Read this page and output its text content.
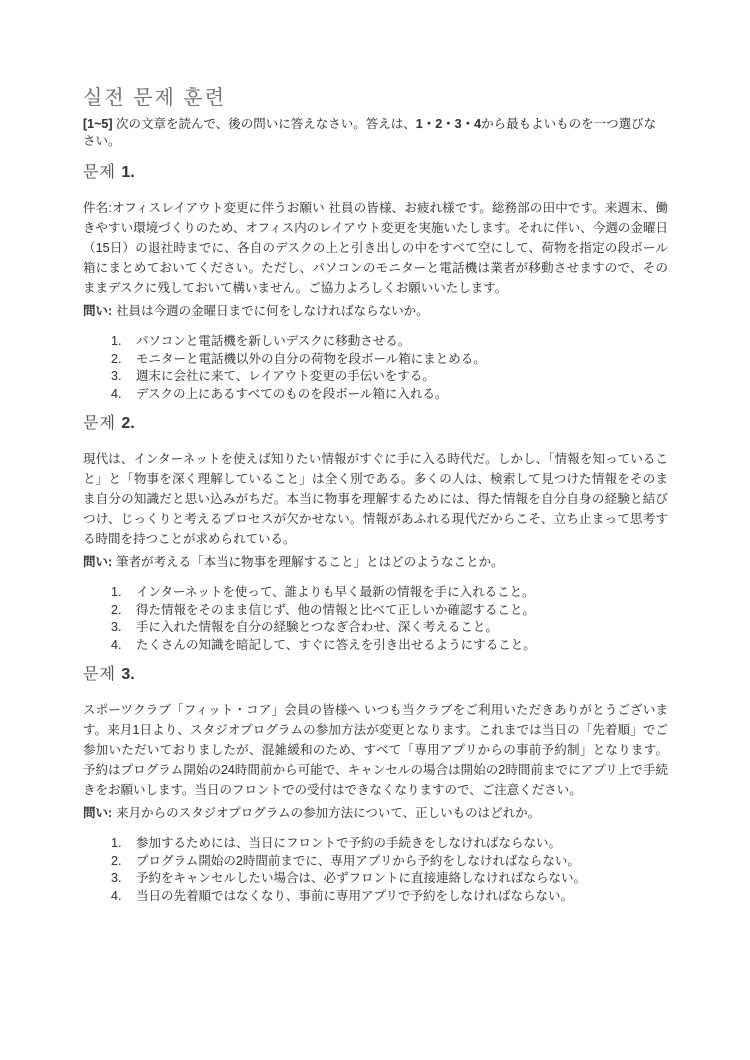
실전 문제 훈련

[1~5] 次の文章を読んで、後の問いに答えなさい。答えは、1・2・3・4から最もよいものを一つ選びなさい。

문제 1.

件名:オフィスレイアウト変更に伴うお願い 社員の皆様、お疲れ様です。総務部の田中です。来週末、働きやすい環境づくりのため、オフィス内のレイアウト変更を実施いたします。それに伴い、今週の金曜日（15日）の退社時までに、各自のデスクの上と引き出しの中をすべて空にして、荷物を指定の段ボール箱にまとめておいてください。ただし、パソコンのモニターと電話機は業者が移動させますので、そのままデスクに残しておいて構いません。ご協力よろしくお願いいたします。

問い: 社員は今週の金曜日までに何をしなければならないか。

1.	パソコンと電話機を新しいデスクに移動させる。
2.	モニターと電話機以外の自分の荷物を段ボール箱にまとめる。
3.	週末に会社に来て、レイアウト変更の手伝いをする。
4.	デスクの上にあるすべてのものを段ボール箱に入れる。
문제 2.

現代は、インターネットを使えば知りたい情報がすぐに手に入る時代だ。しかし、「情報を知っていること」と「物事を深く理解していること」は全く別である。多くの人は、検索して見つけた情報をそのまま自分の知識だと思い込みがちだ。本当に物事を理解するためには、得た情報を自分自身の経験と結びつけ、じっくりと考えるプロセスが欠かせない。情報があふれる現代だからこそ、立ち止まって思考する時間を持つことが求められている。

問い: 筆者が考える「本当に物事を理解すること」とはどのようなことか。

1.	インターネットを使って、誰よりも早く最新の情報を手に入れること。
2.	得た情報をそのまま信じず、他の情報と比べて正しいか確認すること。
3.	手に入れた情報を自分の経験とつなぎ合わせ、深く考えること。
4.	たくさんの知識を暗記して、すぐに答えを引き出せるようにすること。
문제 3.

スポーツクラブ「フィット・コア」会員の皆様へ いつも当クラブをご利用いただきありがとうございます。来月1日より、スタジオプログラムの参加方法が変更となります。これまでは当日の「先着順」でご参加いただいておりましたが、混雑緩和のため、すべて「専用アプリからの事前予約制」となります。予約はプログラム開始の24時間前から可能で、キャンセルの場合は開始の2時間前までにアプリ上で手続きをお願いします。当日のフロントでの受付はできなくなりますので、ご注意ください。

問い: 来月からのスタジオプログラムの参加方法について、正しいものはどれか。

1.	参加するためには、当日にフロントで予約の手続きをしなければならない。
2.	プログラム開始の2時間前までに、専用アプリから予約をしなければならない。
3.	予約をキャンセルしたい場合は、必ずフロントに直接連絡しなければならない。
4.	当日の先着順ではなくなり、事前に専用アプリで予約をしなければならない。
